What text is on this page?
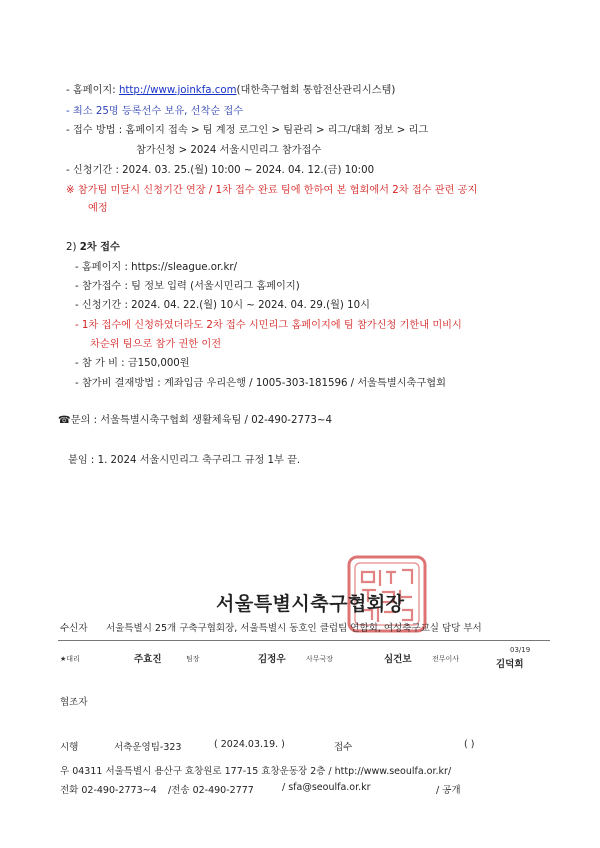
- 홈페이지: http://www.joinkfa.com(대한축구협회 통합전산관리시스템)
- 최소 25명 등록선수 보유, 선착순 접수
- 접수 방법 : 홈페이지 접속 > 팀 계정 로그인 > 팀관리 > 리그/대회 정보 > 리그
참가신청 > 2024 서울시민리그 참가접수
- 신청기간 : 2024. 03. 25.(월) 10:00 ~ 2024. 04. 12.(금) 10:00
※ 참가팀 미달시 신청기간 연장 / 1차 접수 완료 팀에 한하여 본 협회에서 2차 접수 관련 공지
예정
2) 2차 접수
- 홈페이지 : https://sleague.or.kr/
- 참가접수 : 팀 정보 입력 (서울시민리그 홈페이지)
- 신청기간 : 2024. 04. 22.(월) 10시 ~ 2024. 04. 29.(월) 10시
- 1차 접수에 신청하였더라도 2차 접수 시민리그 홈페이지에 팀 참가신청 기한내 미비시
차순위 팀으로 참가 권한 이전
- 참 가 비 : 금150,000원
- 참가비 결재방법 : 계좌입금 우리은행 / 1005-303-181596 / 서울특별시축구협회
☎문의 : 서울특별시축구협회 생활체육팀 / 02-490-2773~4
붙임 : 1. 2024 서울시민리그 축구리그 규정 1부 끝.
서울특별시축구협회장
수신자 서울특별시 25개 구축구협회장, 서울특별시 동호인 클럽팀 연합회, 여성축구교실 담당 부서
★대리	주효진	팀장	김정우	사무국장	심건보	전무이사
03/19
김덕희
협조자
시행	서축운영팀-323	( 2024.03.19. )	접수	( )
우 04311 서울특별시 용산구 효창원로 177-15 효창운동장 2층 / http://www.seoulfa.or.kr/
전화 02-490-2773~4 /전송 02-490-2777	/ sfa@seoulfa.or.kr	/ 공개
